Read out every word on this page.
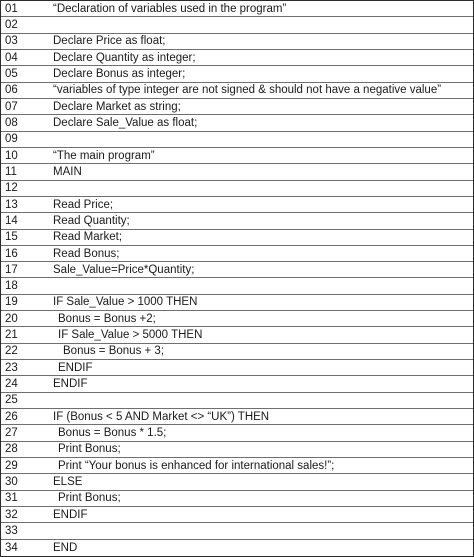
01	“Declaration of variables used in the program”
02
03	Declare Price as float;
04	Declare Quantity as integer;
05	Declare Bonus as integer;
06	“variables of type integer are not signed & should not have a negative value”
07	Declare Market as string;
08	Declare Sale_Value as float;
09
10	“The main program”
11	MAIN
12
13	Read Price;
14	Read Quantity;
15	Read Market;
16	Read Bonus;
17	Sale_Value=Price*Quantity;
18
19	IF Sale_Value > 1000 THEN
20	Bonus = Bonus +2;
21	IF Sale_Value > 5000 THEN
22	Bonus = Bonus + 3;
23	ENDIF
24	ENDIF
25
26	IF (Bonus < 5 AND Market <> “UK”) THEN
27	Bonus = Bonus * 1.5;
28	Print Bonus;
29	Print “Your bonus is enhanced for international sales!”;
30	ELSE
31	Print Bonus;
32	ENDIF
33
34	END
